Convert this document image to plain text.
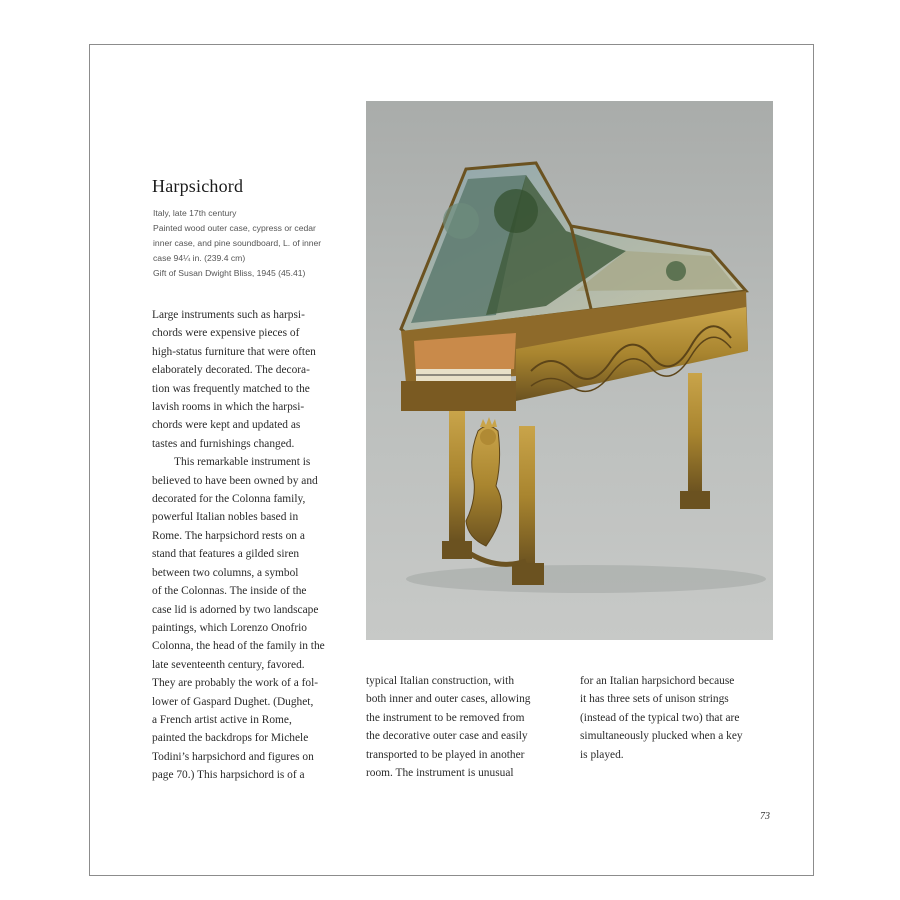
Harpsichord
Italy, late 17th century
Painted wood outer case, cypress or cedar
inner case, and pine soundboard, L. of inner
case 94¼ in. (239.4 cm)
Gift of Susan Dwight Bliss, 1945 (45.41)
Large instruments such as harpsi-
chords were expensive pieces of
high-status furniture that were often
elaborately decorated. The decora-
tion was frequently matched to the
lavish rooms in which the harpsi-
chords were kept and updated as
tastes and furnishings changed.
This remarkable instrument is
believed to have been owned by and
decorated for the Colonna family,
powerful Italian nobles based in
Rome. The harpsichord rests on a
stand that features a gilded siren
between two columns, a symbol
of the Colonnas. The inside of the
case lid is adorned by two landscape
paintings, which Lorenzo Onofrio
Colonna, the head of the family in the
late seventeenth century, favored.
They are probably the work of a fol-
lower of Gaspard Dughet. (Dughet,
a French artist active in Rome,
painted the backdrops for Michele
Todini’s harpsichord and figures on
page 70.) This harpsichord is of a
typical Italian construction, with
both inner and outer cases, allowing
the instrument to be removed from
the decorative outer case and easily
transported to be played in another
room. The instrument is unusual
for an Italian harpsichord because
it has three sets of unison strings
(instead of the typical two) that are
simultaneously plucked when a key
is played.
73
